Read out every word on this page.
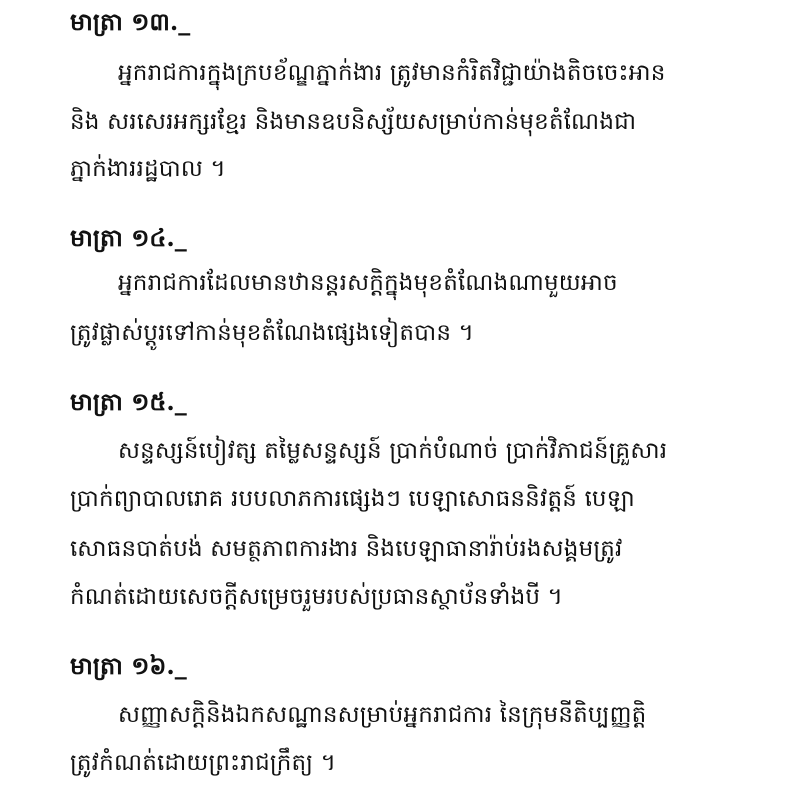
មាត្រា ១៣._
អ្នករាជការក្នុងក្របខ័ណ្ឌភ្នាក់ងារ ត្រូវមានកំរិតវិជ្ជាយ៉ាងតិចចេះអាន
និង សរសេរអក្សរខ្មែរ និងមានឧបនិស្ស័យសម្រាប់កាន់មុខតំណែងជា
ភ្នាក់ងាររដ្ឋបាល ។
មាត្រា ១៤._
អ្នករាជការដែលមានឋានន្តរសក្តិក្នុងមុខតំណែងណាមួយអាច
ត្រូវផ្លាស់ប្តូរទៅកាន់មុខតំណែងផ្សេងទៀតបាន ។
មាត្រា ១៥._
សន្ទស្សន៍បៀវត្ស តម្លៃសន្ទស្សន៍ ប្រាក់បំណាច់ ប្រាក់វិភាជន៍គ្រួសារ
ប្រាក់ព្យាបាលរោគ របបលាភការផ្សេងៗ បេឡាសោធននិវត្តន៍ បេឡា
សោធនបាត់បង់ សមត្ថភាពការងារ និងបេឡាធានារ៉ាប់រងសង្គមត្រូវ
កំណត់ដោយសេចក្តីសម្រេចរួមរបស់ប្រធានស្ថាប័នទាំងបី ។
មាត្រា ១៦._
សញ្ញាសក្តិនិងឯកសណ្ឋានសម្រាប់អ្នករាជការ នៃក្រុមនីតិប្បញ្ញត្តិ
ត្រូវកំណត់ដោយព្រះរាជក្រឹត្យ ។
